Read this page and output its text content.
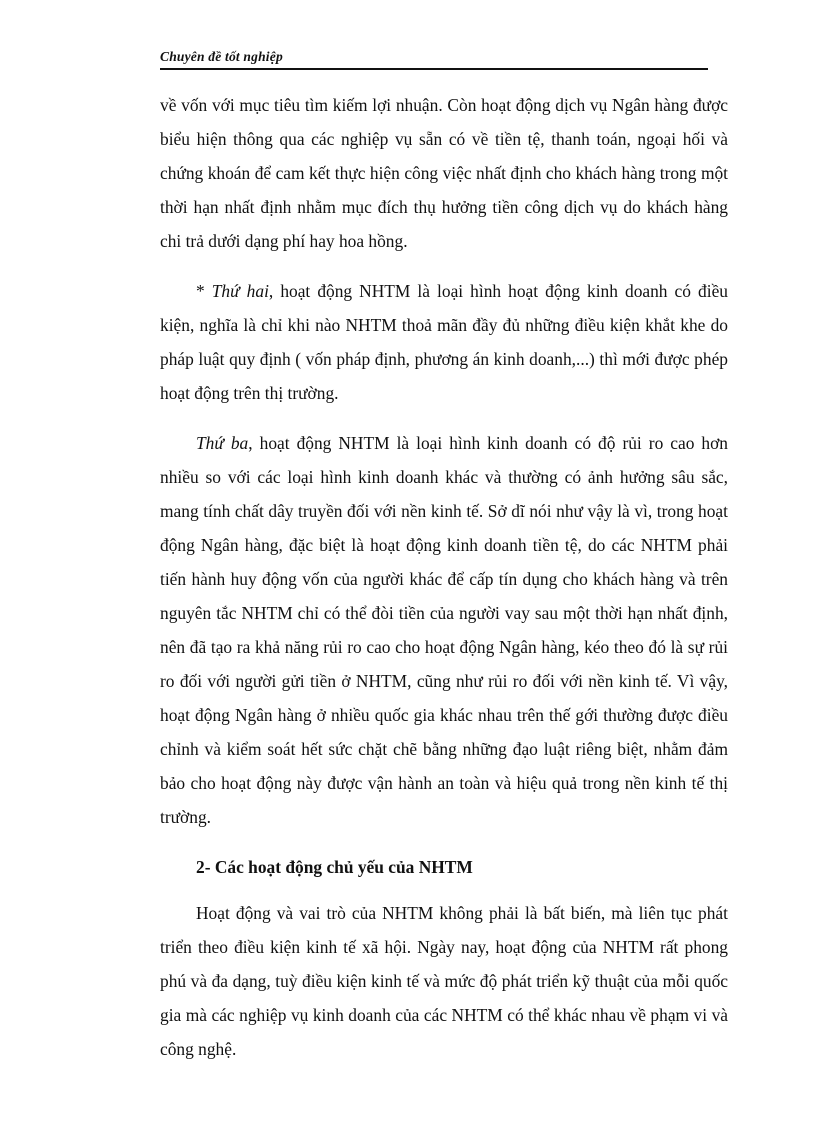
Chuyên đề tốt nghiệp

về vốn với mục tiêu tìm kiếm lợi nhuận. Còn hoạt động dịch vụ Ngân hàng được biểu hiện thông qua các nghiệp vụ sẵn có về tiền tệ, thanh toán, ngoại hối và chứng khoán để cam kết thực hiện công việc nhất định cho khách hàng trong một thời hạn nhất định nhằm mục đích thụ hưởng tiền công dịch vụ do khách hàng chi trả dưới dạng phí hay hoa hồng.

* Thứ hai, hoạt động NHTM là loại hình hoạt động kinh doanh có điều kiện, nghĩa là chỉ khi nào NHTM thoả mãn đầy đủ những điều kiện khắt khe do pháp luật quy định ( vốn pháp định, phương án kinh doanh,...) thì mới được phép hoạt động trên thị trường.

Thứ ba, hoạt động NHTM là loại hình kinh doanh có độ rủi ro cao hơn nhiều so với các loại hình kinh doanh khác và thường có ảnh hưởng sâu sắc, mang tính chất dây truyền đối với nền kinh tế. Sở dĩ nói như vậy là vì, trong hoạt động Ngân hàng, đặc biệt là hoạt động kinh doanh tiền tệ, do các NHTM phải tiến hành huy động vốn của người khác để cấp tín dụng cho khách hàng và trên nguyên tắc NHTM chỉ có thể đòi tiền của người vay sau một thời hạn nhất định, nên đã tạo ra khả năng rủi ro cao cho hoạt động Ngân hàng, kéo theo đó là sự rủi ro đối với người gửi tiền ở NHTM, cũng như rủi ro đối với nền kinh tế. Vì vậy, hoạt động Ngân hàng ở nhiều quốc gia khác nhau trên thế gới thường được điều chỉnh và kiểm soát hết sức chặt chẽ bằng những đạo luật riêng biệt, nhằm đảm bảo cho hoạt động này được vận hành an toàn và hiệu quả trong nền kinh tế thị trường.

2- Các hoạt động chủ yếu của NHTM

Hoạt động và vai trò của NHTM không phải là bất biến, mà liên tục phát triển theo điều kiện kinh tế xã hội. Ngày nay, hoạt động của NHTM rất phong phú và đa dạng, tuỳ điều kiện kinh tế và mức độ phát triển kỹ thuật của mỗi quốc gia mà các nghiệp vụ kinh doanh của các NHTM có thể khác nhau về phạm vi và công nghệ.
